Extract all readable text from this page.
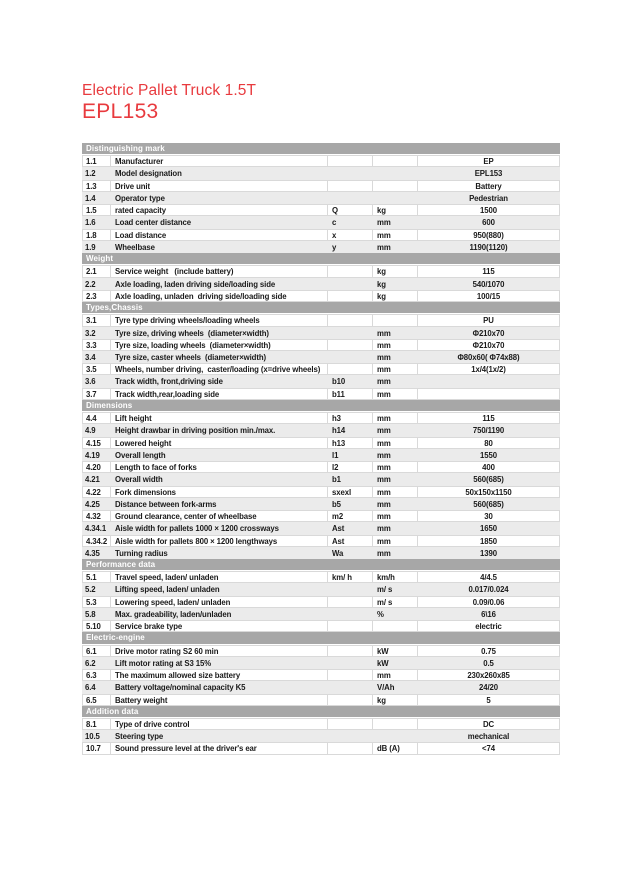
Electric Pallet Truck 1.5T
EPL153
Distinguishing mark
1.1	Manufacturer	EP
1.2	Model designation	EPL153
1.3	Drive unit	Battery
1.4	Operator type	Pedestrian
1.5	rated capacity	Q	kg	1500
1.6	Load center distance	c	mm	600
1.8	Load distance	x	mm	950(880)
1.9	Wheelbase	y	mm	1190(1120)
Weight
2.1	Service weight   (include battery)	kg	115
2.2	Axle loading, laden driving side/loading side	kg	540/1070
2.3	Axle loading, unladen  driving side/loading side	kg	100/15
Types,Chassis
3.1	Tyre type driving wheels/loading wheels	PU
3.2	Tyre size, driving wheels  (diameter×width)	mm	Φ210x70
3.3	Tyre size, loading wheels  (diameter×width)	mm	Φ210x70
3.4	Tyre size, caster wheels  (diameter×width)	mm	Φ80x60( Φ74x88)
3.5	Wheels, number driving,  caster/loading (x=drive wheels)	mm	1x/4(1x/2)
3.6	Track width, front,driving side	b10	mm
3.7	Track width,rear,loading side	b11	mm
Dimensions
4.4	Lift height	h3	mm	115
4.9	Height drawbar in driving position min./max.	h14	mm	750/1190
4.15	Lowered height	h13	mm	80
4.19	Overall length	l1	mm	1550
4.20	Length to face of forks	l2	mm	400
4.21	Overall width	b1	mm	560(685)
4.22	Fork dimensions	sxexl	mm	50x150x1150
4.25	Distance between fork-arms	b5	mm	560(685)
4.32	Ground clearance, center of wheelbase	m2	mm	30
4.34.1	Aisle width for pallets 1000 × 1200 crossways	Ast	mm	1650
4.34.2	Aisle width for pallets 800 × 1200 lengthways	Ast	mm	1850
4.35	Turning radius	Wa	mm	1390
Performance data
5.1	Travel speed, laden/ unladen	km/ h	km/h	4/4.5
5.2	Lifting speed, laden/ unladen	m/ s	0.017/0.024
5.3	Lowering speed, laden/ unladen	m/ s	0.09/0.06
5.8	Max. gradeability, laden/unladen	%	6\16
5.10	Service brake type	electric
Electric-engine
6.1	Drive motor rating S2 60 min	kW	0.75
6.2	Lift motor rating at S3 15%	kW	0.5
6.3	The maximum allowed size battery	mm	230x260x85
6.4	Battery voltage/nominal capacity K5	V/Ah	24/20
6.5	Battery weight	kg	5
Addition data
8.1	Type of drive control	DC
10.5	Steering type	mechanical
10.7	Sound pressure level at the driver's ear	dB (A)	<74
